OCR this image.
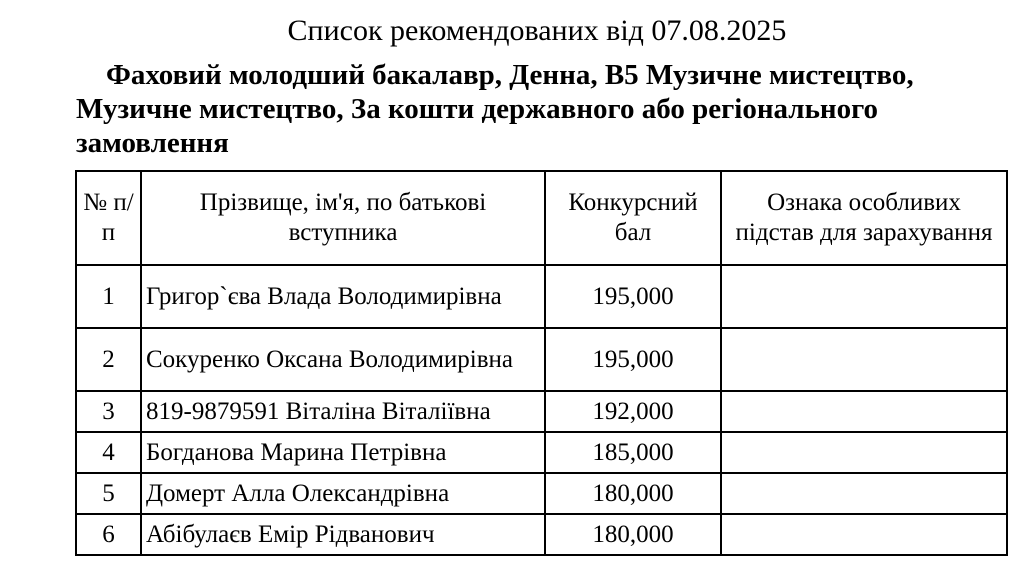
Список рекомендованих від 07.08.2025
Фаховий молодший бакалавр, Денна, B5 Музичне мистецтво, Музичне мистецтво, За кошти державного або регіонального замовлення
№ п/п	Прізвище, ім'я, по батькові вступника	Конкурсний бал	Ознака особливих підстав для зарахування
1	Григор`єва Влада Володимирівна	195,000	
2	Сокуренко Оксана Володимирівна	195,000	
3	819-9879591 Віталіна Віталіївна	192,000	
4	Богданова Марина Петрівна	185,000	
5	Домерт Алла Олександрівна	180,000	
6	Абібулаєв Емір Рідванович	180,000	
